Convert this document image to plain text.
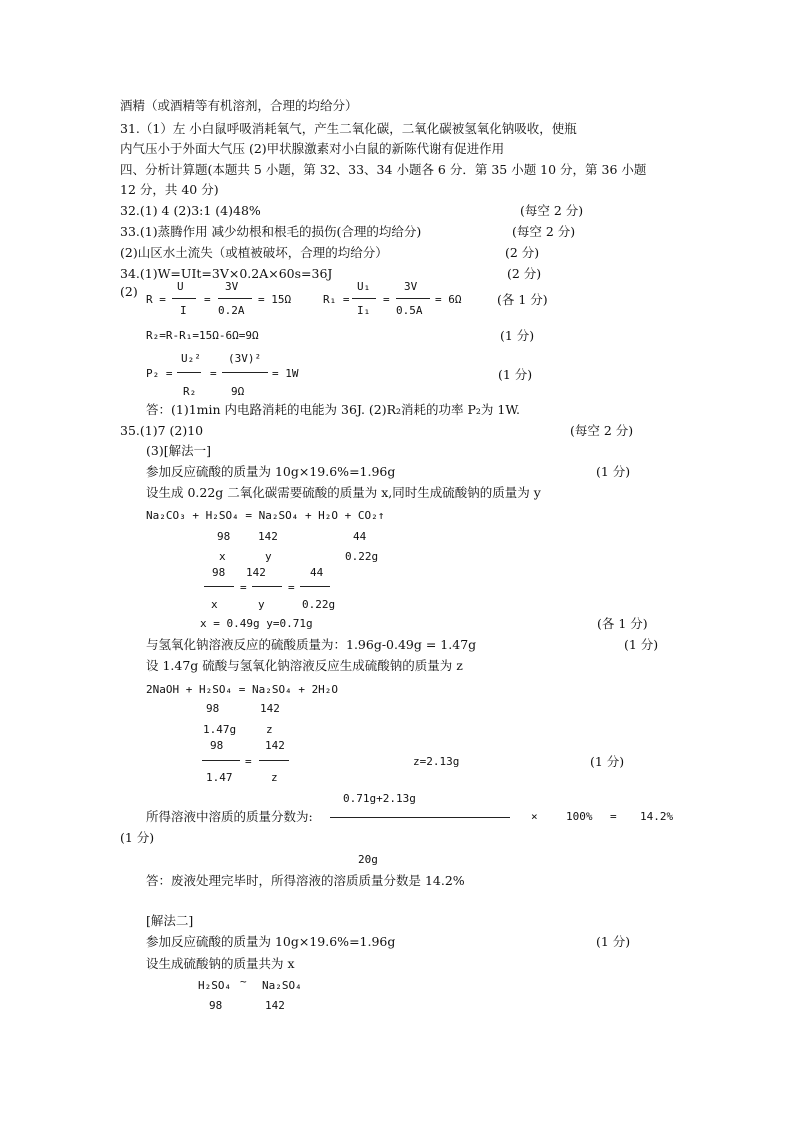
酒精（或酒精等有机溶剂，合理的均给分）
31.（1）左 小白鼠呼吸消耗氧气，产生二氧化碳，二氧化碳被氢氧化钠吸收，使瓶
内气压小于外面大气压 (2)甲状腺激素对小白鼠的新陈代谢有促进作用
四、分析计算题(本题共 5 小题，第 32、33、34 小题各 6 分．第 35 小题 10 分，第 36 小题
12 分，共 40 分)
32.(1) 4 (2)3:1 (4)48%	(每空 2 分)
33.(1)蒸腾作用 减少幼根和根毛的损伤(合理的均给分)	(每空 2 分)
(2)山区水土流失（或植被破坏，合理的均给分）	(2 分)
34.(1)W=UIt=3V×0.2A×60s=36J	(2 分)
(2)
R =
U
I
=
3V
0.2A
= 15Ω	R₁ =
U₁
I₁
=
3V
0.5A
= 6Ω	(各 1 分)
R₂=R-R₁=15Ω-6Ω=9Ω	(1 分)
P₂ =
U₂²
R₂
=
(3V)²
9Ω
= 1W	(1 分)
答：(1)1min 内电路消耗的电能为 36J. (2)R₂消耗的功率 P₂为 1W.
35.(1)7 (2)10	(每空 2 分)
(3)[解法一]
参加反应硫酸的质量为 10g×19.6%=1.96g	(1 分)
设生成 0.22g 二氧化碳需要硫酸的质量为 x,同时生成硫酸钠的质量为 y
Na₂CO₃ + H₂SO₄ = Na₂SO₄ + H₂O + CO₂↑
98	142	44
x	y	0.22g
98 142	44
=	=
x	y	0.22g
x = 0.49g y=0.71g	(各 1 分)
与氢氧化钠溶液反应的硫酸质量为：1.96g-0.49g = 1.47g	(1 分)
设 1.47g 硫酸与氢氧化钠溶液反应生成硫酸钠的质量为 z
2NaOH + H₂SO₄ = Na₂SO₄ + 2H₂O
98	142
1.47g	z
98	142
=
1.47	z
z=2.13g	(1 分)
0.71g+2.13g
所得溶液中溶质的质量分数为:	×	100% = 14.2%
(1 分)
20g
答：废液处理完毕时，所得溶液的溶质质量分数是 14.2%
[解法二]
参加反应硫酸的质量为 10g×19.6%=1.96g	(1 分)
设生成硫酸钠的质量共为 x
H₂SO₄ ~ Na₂SO₄
98	142
